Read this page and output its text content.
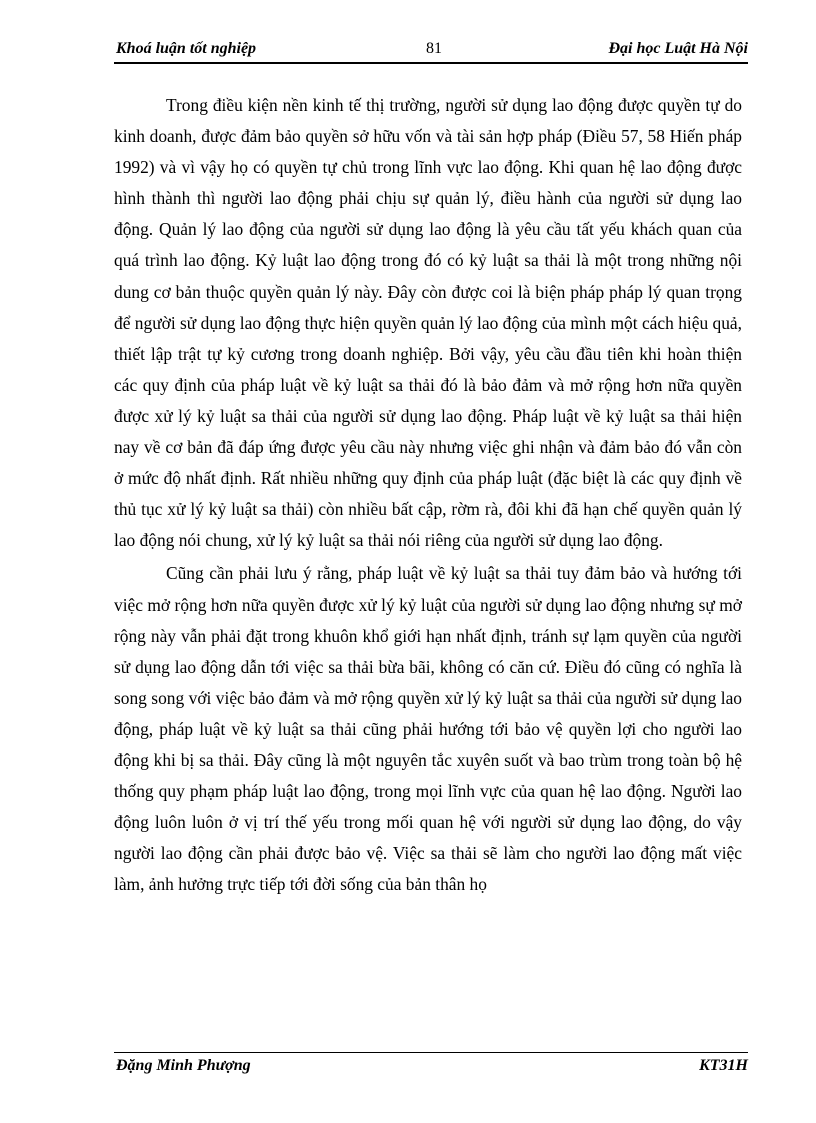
Khoá luận tốt nghiệp	81	Đại học Luật Hà Nội

Trong điều kiện nền kinh tế thị trường, người sử dụng lao động được quyền tự do kinh doanh, được đảm bảo quyền sở hữu vốn và tài sản hợp pháp (Điều 57, 58 Hiến pháp 1992) và vì vậy họ có quyền tự chủ trong lĩnh vực lao động. Khi quan hệ lao động được hình thành thì người lao động phải chịu sự quản lý, điều hành của người sử dụng lao động. Quản lý lao động của người sử dụng lao động là yêu cầu tất yếu khách quan của quá trình lao động. Kỷ luật lao động trong đó có kỷ luật sa thải là một trong những nội dung cơ bản thuộc quyền quản lý này. Đây còn được coi là biện pháp pháp lý quan trọng để người sử dụng lao động thực hiện quyền quản lý lao động của mình một cách hiệu quả, thiết lập trật tự kỷ cương trong doanh nghiệp. Bởi vậy, yêu cầu đầu tiên khi hoàn thiện các quy định của pháp luật về kỷ luật sa thải đó là bảo đảm và mở rộng hơn nữa quyền được xử lý kỷ luật sa thải của người sử dụng lao động. Pháp luật về kỷ luật sa thải hiện nay về cơ bản đã đáp ứng được yêu cầu này nhưng việc ghi nhận và đảm bảo đó vẫn còn ở mức độ nhất định. Rất nhiều những quy định của pháp luật (đặc biệt là các quy định về thủ tục xử lý kỷ luật sa thải) còn nhiều bất cập, rờm rà, đôi khi đã hạn chế quyền quản lý lao động nói chung, xử lý kỷ luật sa thải nói riêng của người sử dụng lao động.

Cũng cần phải lưu ý rằng, pháp luật về kỷ luật sa thải tuy đảm bảo và hướng tới việc mở rộng hơn nữa quyền được xử lý kỷ luật của người sử dụng lao động nhưng sự mở rộng này vẫn phải đặt trong khuôn khổ giới hạn nhất định, tránh sự lạm quyền của người sử dụng lao động dẫn tới việc sa thải bừa bãi, không có căn cứ. Điều đó cũng có nghĩa là song song với việc bảo đảm và mở rộng quyền xử lý kỷ luật sa thải của người sử dụng lao động, pháp luật về kỷ luật sa thải cũng phải hướng tới bảo vệ quyền lợi cho người lao động khi bị sa thải. Đây cũng là một nguyên tắc xuyên suốt và bao trùm trong toàn bộ hệ thống quy phạm pháp luật lao động, trong mọi lĩnh vực của quan hệ lao động. Người lao động luôn luôn ở vị trí thế yếu trong mối quan hệ với người sử dụng lao động, do vậy người lao động cần phải được bảo vệ. Việc sa thải sẽ làm cho người lao động mất việc làm, ảnh hưởng trực tiếp tới đời sống của bản thân họ

Đặng Minh Phượng	KT31H
